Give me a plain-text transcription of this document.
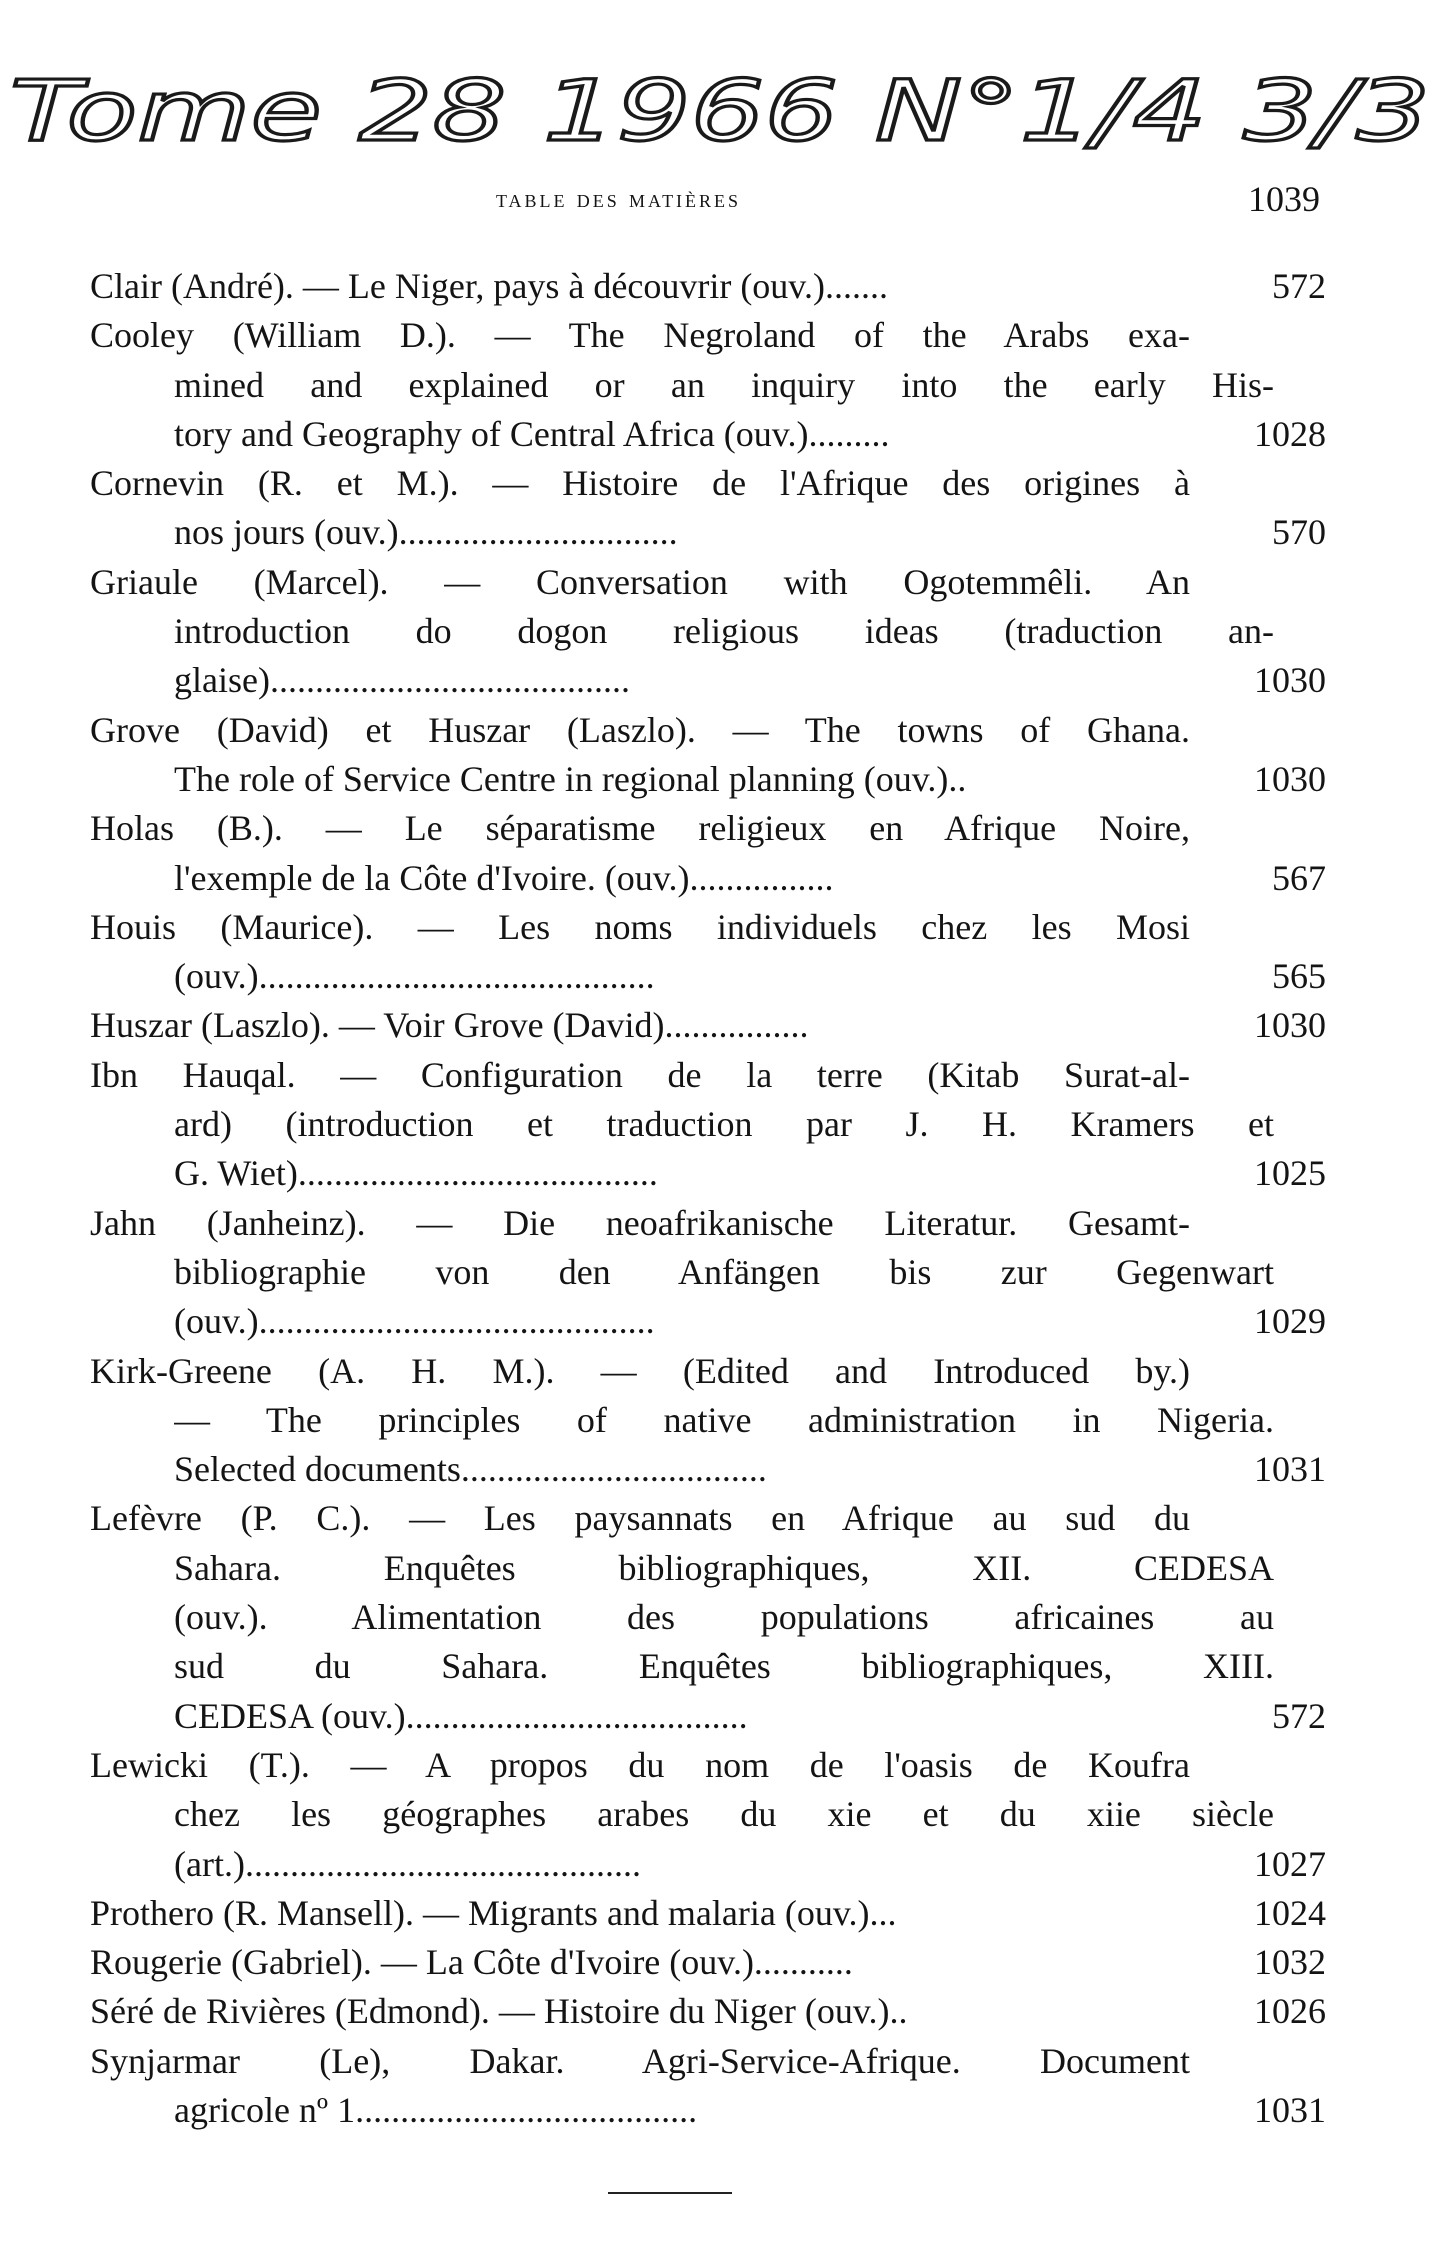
Tome 28 1966 N°1/4 3/3
table des matières	1039
Clair (André). — Le Niger, pays à découvrir (ouv.).......	572
Cooley (William D.). — The Negroland of the Arabs exa-
mined and explained or an inquiry into the early His-
tory and Geography of Central Africa (ouv.).........	1028
Cornevin (R. et M.). — Histoire de l'Afrique des origines à
nos jours (ouv.)...............................	570
Griaule (Marcel). — Conversation with Ogotemmêli. An
introduction do dogon religious ideas (traduction an-
glaise)........................................	1030
Grove (David) et Huszar (Laszlo). — The towns of Ghana.
The role of Service Centre in regional planning (ouv.)..	1030
Holas (B.). — Le séparatisme religieux en Afrique Noire,
l'exemple de la Côte d'Ivoire. (ouv.)................	567
Houis (Maurice). — Les noms individuels chez les Mosi
(ouv.)............................................	565
Huszar (Laszlo). — Voir Grove (David)................	1030
Ibn Hauqal. — Configuration de la terre (Kitab Surat-al-
ard) (introduction et traduction par J. H. Kramers et
G. Wiet)........................................	1025
Jahn (Janheinz). — Die neoafrikanische Literatur. Gesamt-
bibliographie von den Anfängen bis zur Gegenwart
(ouv.)............................................	1029
Kirk-Greene (A. H. M.). — (Edited and Introduced by.)
— The principles of native administration in Nigeria.
Selected documents..................................	1031
Lefèvre (P. C.). — Les paysannats en Afrique au sud du
Sahara. Enquêtes bibliographiques, XII. CEDESA
(ouv.). Alimentation des populations africaines au
sud du Sahara. Enquêtes bibliographiques, XIII.
CEDESA (ouv.)......................................	572
Lewicki (T.). — A propos du nom de l'oasis de Koufra
chez les géographes arabes du xie et du xiie siècle
(art.)............................................	1027
Prothero (R. Mansell). — Migrants and malaria (ouv.)...	1024
Rougerie (Gabriel). — La Côte d'Ivoire (ouv.)...........	1032
Séré de Rivières (Edmond). — Histoire du Niger (ouv.)..	1026
Synjarmar (Le), Dakar. Agri-Service-Afrique. Document
agricole nº 1......................................	1031
